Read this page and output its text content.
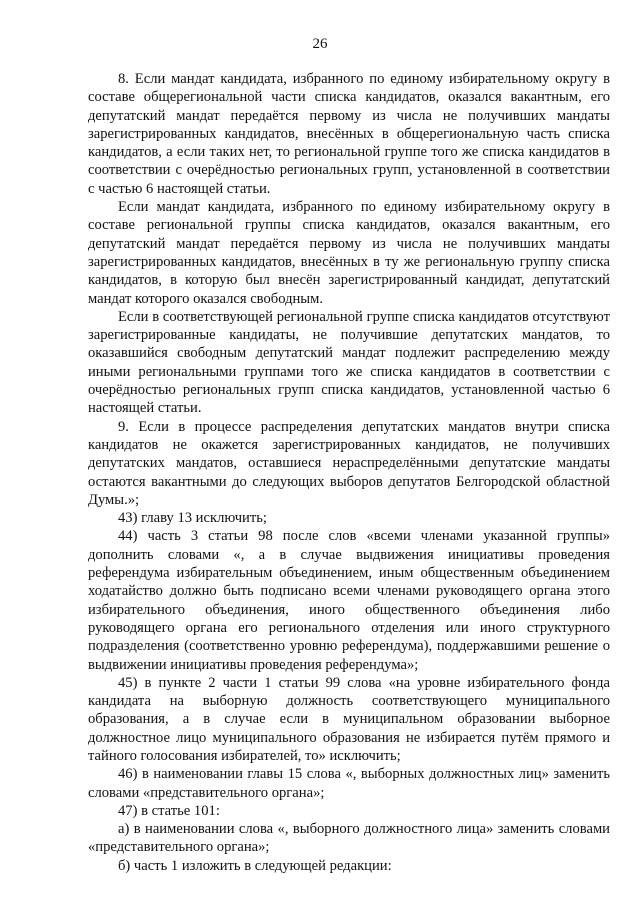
26

8. Если мандат кандидата, избранного по единому избирательному округу в составе общерегиональной части списка кандидатов, оказался вакантным, его депутатский мандат передаётся первому из числа не получивших мандаты зарегистрированных кандидатов, внесённых в общерегиональную часть списка кандидатов, а если таких нет, то региональной группе того же списка кандидатов в соответствии с очерёдностью региональных групп, установленной в соответствии с частью 6 настоящей статьи.

Если мандат кандидата, избранного по единому избирательному округу в составе региональной группы списка кандидатов, оказался вакантным, его депутатский мандат передаётся первому из числа не получивших мандаты зарегистрированных кандидатов, внесённых в ту же региональную группу списка кандидатов, в которую был внесён зарегистрированный кандидат, депутатский мандат которого оказался свободным.

Если в соответствующей региональной группе списка кандидатов отсутствуют зарегистрированные кандидаты, не получившие депутатских мандатов, то оказавшийся свободным депутатский мандат подлежит распределению между иными региональными группами того же списка кандидатов в соответствии с очерёдностью региональных групп списка кандидатов, установленной частью 6 настоящей статьи.

9. Если в процессе распределения депутатских мандатов внутри списка кандидатов не окажется зарегистрированных кандидатов, не получивших депутатских мандатов, оставшиеся нераспределёнными депутатские мандаты остаются вакантными до следующих выборов депутатов Белгородской областной Думы.»;

43) главу 13 исключить;

44) часть 3 статьи 98 после слов «всеми членами указанной группы» дополнить словами «, а в случае выдвижения инициативы проведения референдума избирательным объединением, иным общественным объединением ходатайство должно быть подписано всеми членами руководящего органа этого избирательного объединения, иного общественного объединения либо руководящего органа его регионального отделения или иного структурного подразделения (соответственно уровню референдума), поддержавшими решение о выдвижении инициативы проведения референдума»;

45) в пункте 2 части 1 статьи 99 слова «на уровне избирательного фонда кандидата на выборную должность соответствующего муниципального образования, а в случае если в муниципальном образовании выборное должностное лицо муниципального образования не избирается путём прямого и тайного голосования избирателей, то» исключить;

46) в наименовании главы 15 слова «, выборных должностных лиц» заменить словами «представительного органа»;

47) в статье 101:

а) в наименовании слова «, выборного должностного лица» заменить словами «представительного органа»;

б) часть 1 изложить в следующей редакции:
